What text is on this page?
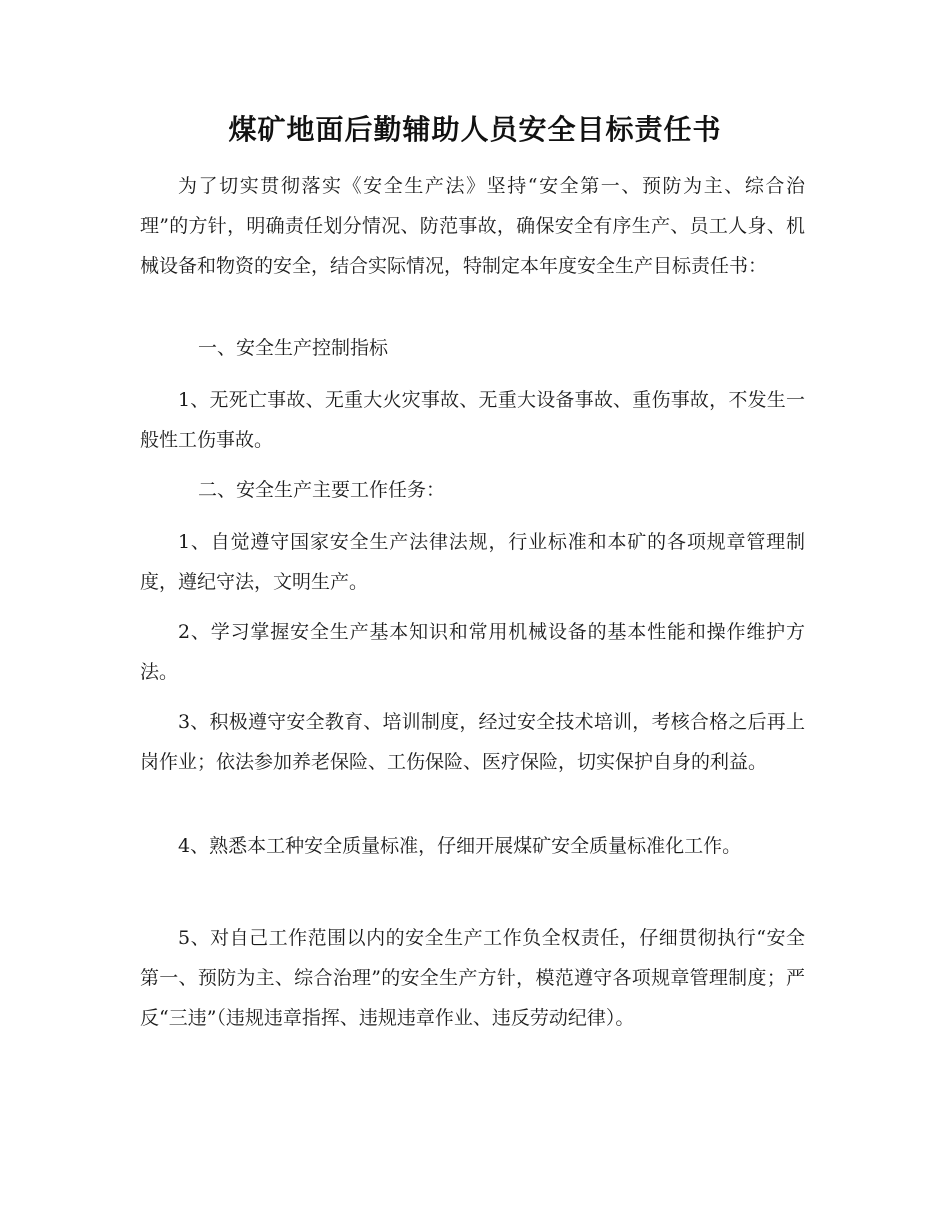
煤矿地面后勤辅助人员安全目标责任书

为了切实贯彻落实《安全生产法》坚持“安全第一、预防为主、综合治理”的方针，明确责任划分情况、防范事故，确保安全有序生产、员工人身、机械设备和物资的安全，结合实际情况，特制定本年度安全生产目标责任书：

一、安全生产控制指标

1、无死亡事故、无重大火灾事故、无重大设备事故、重伤事故，不发生一般性工伤事故。

二、安全生产主要工作任务：

1、自觉遵守国家安全生产法律法规，行业标准和本矿的各项规章管理制度，遵纪守法，文明生产。

2、学习掌握安全生产基本知识和常用机械设备的基本性能和操作维护方法。

3、积极遵守安全教育、培训制度，经过安全技术培训，考核合格之后再上岗作业；依法参加养老保险、工伤保险、医疗保险，切实保护自身的利益。

4、熟悉本工种安全质量标准，仔细开展煤矿安全质量标准化工作。

5、对自己工作范围以内的安全生产工作负全权责任，仔细贯彻执行“安全第一、预防为主、综合治理”的安全生产方针，模范遵守各项规章管理制度；严反“三违”（违规违章指挥、违规违章作业、违反劳动纪律）。
